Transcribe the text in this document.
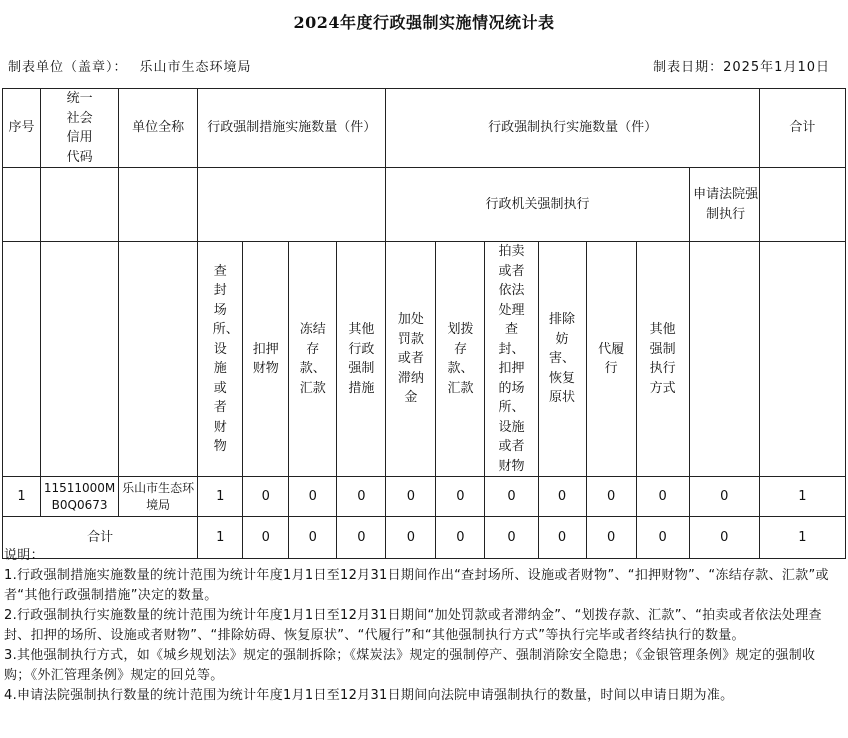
2024年度行政强制实施情况统计表
制表单位（盖章）： 乐山市生态环境局	制表日期：2025年1月10日
序号	统一社会信用代码	单位全称	行政强制措施实施数量（件）				行政强制执行实施数量（件）							合计
							行政机关强制执行						申请法院强制执行	
			查封场所、设施或者财物	扣押财物	冻结存款、汇款	其他行政强制措施	加处罚款或者滞纳金	划拨存款、汇款	拍卖或者依法处理查封、扣押的场所、设施或者财物	排除妨害、恢复原状	代履行	其他强制执行方式		
1	11511000MB0Q0673	乐山市生态环境局	1	0	0	0	0	0	0	0	0	0	0	1
合计			1	0	0	0	0	0	0	0	0	0	0	1
说明：
1.行政强制措施实施数量的统计范围为统计年度1月1日至12月31日期间作出“查封场所、设施或者财物”、“扣押财物”、“冻结存款、汇款”或者“其他行政强制措施”决定的数量。
2.行政强制执行实施数量的统计范围为统计年度1月1日至12月31日期间“加处罚款或者滞纳金”、“划拨存款、汇款”、“拍卖或者依法处理查封、扣押的场所、设施或者财物”、“排除妨碍、恢复原状”、“代履行”和“其他强制执行方式”等执行完毕或者终结执行的数量。
3.其他强制执行方式，如《城乡规划法》规定的强制拆除；《煤炭法》规定的强制停产、强制消除安全隐患；《金银管理条例》规定的强制收购；《外汇管理条例》规定的回兑等。
4.申请法院强制执行数量的统计范围为统计年度1月1日至12月31日期间向法院申请强制执行的数量，时间以申请日期为准。
